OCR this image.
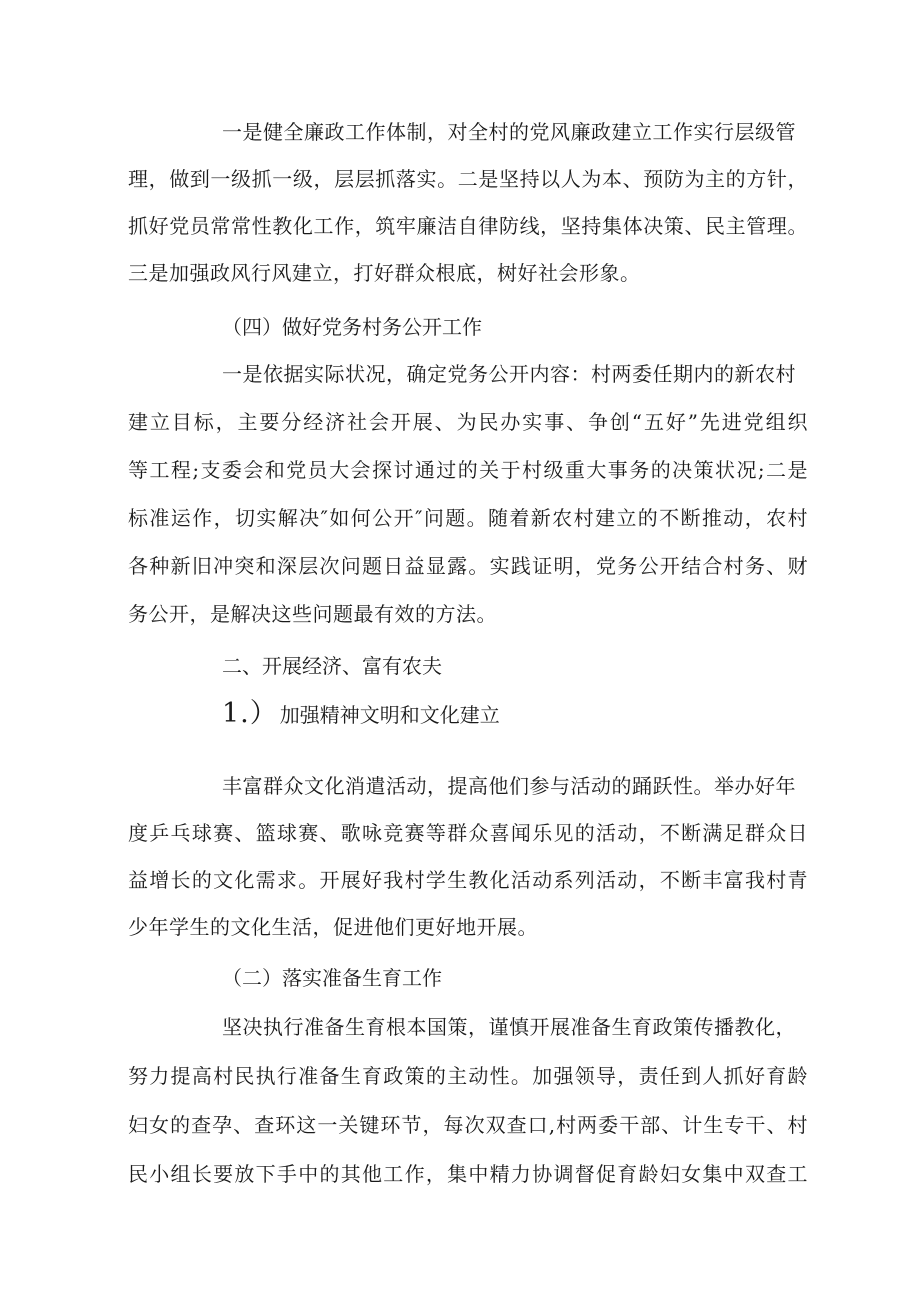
一是健全廉政工作体制，对全村的党风廉政建立工作实行层级管
理，做到一级抓一级，层层抓落实。二是坚持以人为本、预防为主的方针，
抓好党员常常性教化工作，筑牢廉洁自律防线，坚持集体决策、民主管理。
三是加强政风行风建立，打好群众根底，树好社会形象。
（四）做好党务村务公开工作
一是依据实际状况，确定党务公开内容：村两委任期内的新农村
建立目标，主要分经济社会开展、为民办实事、争创“五好”先进党组织
等工程;支委会和党员大会探讨通过的关于村级重大事务的决策状况;二是
标准运作，切实解决″如何公开″问题。随着新农村建立的不断推动，农村
各种新旧冲突和深层次问题日益显露。实践证明，党务公开结合村务、财
务公开，是解决这些问题最有效的方法。
二、开展经济、富有农夫
1.） 加强精神文明和文化建立
丰富群众文化消遣活动，提高他们参与活动的踊跃性。举办好年
度乒乓球赛、篮球赛、歌咏竞赛等群众喜闻乐见的活动，不断满足群众日
益增长的文化需求。开展好我村学生教化活动系列活动，不断丰富我村青
少年学生的文化生活，促进他们更好地开展。
（二）落实准备生育工作
坚决执行准备生育根本国策，谨慎开展准备生育政策传播教化，
努力提高村民执行准备生育政策的主动性。加强领导，责任到人抓好育龄
妇女的查孕、查环这一关键环节，每次双查口,村两委干部、计生专干、村
民小组长要放下手中的其他工作，集中精力协调督促育龄妇女集中双查工
